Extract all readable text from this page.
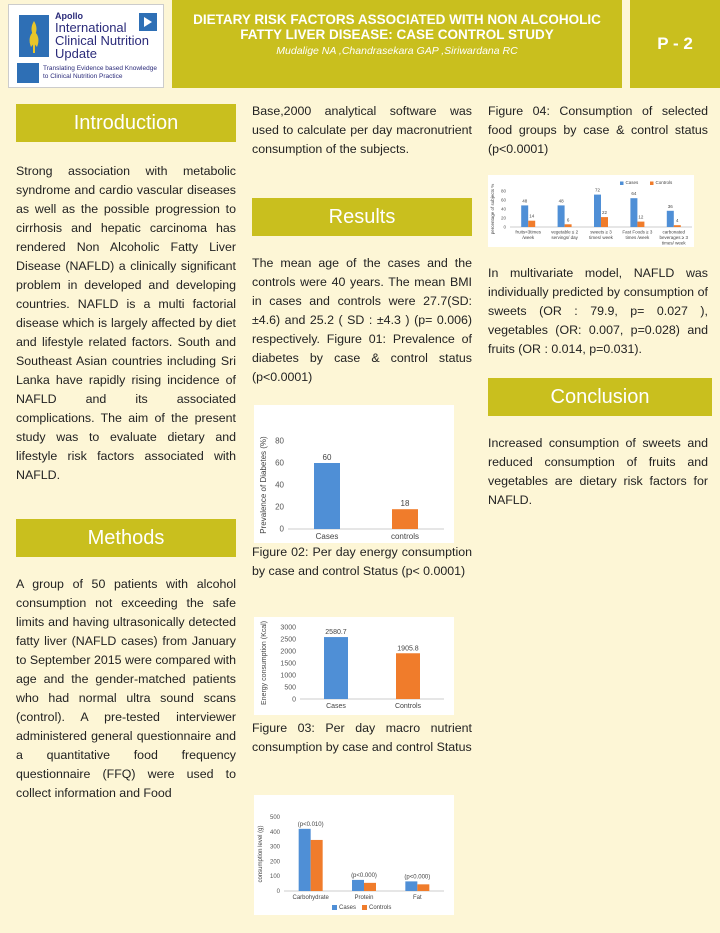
Apollo
International Clinical Nutrition Update
Translating Evidence based Knowledge to Clinical Nutrition Practice
DIETARY RISK FACTORS ASSOCIATED WITH NON ALCOHOLIC FATTY LIVER DISEASE: CASE CONTROL STUDY
Mudalige NA ,Chandrasekara GAP ,Siriwardana RC	P - 2
Introduction
Strong association with metabolic syndrome and cardio vascular diseases as well as the possible progression to cirrhosis and hepatic carcinoma has rendered Non Alcoholic Fatty Liver Disease (NAFLD) a clinically significant problem in developed and developing countries. NAFLD is a multi factorial disease which is largely affected by diet and lifestyle related factors. South and Southeast Asian countries including Sri Lanka have rapidly rising incidence of NAFLD and its associated complications. The aim of the present study was to evaluate dietary and lifestyle risk factors associated with NAFLD.
Methods
A group of 50 patients with alcohol consumption not exceeding the safe limits and having ultrasonically detected fatty liver (NAFLD cases) from January to September 2015 were compared with age and the gender-matched patients who had normal ultra sound scans (control). A pre-tested interviewer administered general questionnaire and a quantitative food frequency questionnaire (FFQ) were used to collect information and Food
Base,2000 analytical software was used to calculate per day macronutrient consumption of the subjects.
Results
The mean age of the cases and the controls were 40 years. The mean BMI in cases and controls were 27.7(SD: ±4.6) and 25.2 ( SD : ±4.3 ) (p= 0.006) respectively. Figure 01: Prevalence of diabetes by case & control status (p<0.0001)
0
20
40
60
80
Prevalence of Diabetes (%)
Cases	controls
60
18
Figure 02: Per day energy consumption by case and control Status (p< 0.0001)
0
500
1000
1500
2000
2500
3000
Energy consumption (Kcal)
Cases	Controls
2580.7
1905.8
Figure 03: Per day macro nutrient consumption by case and control Status
0
100
200
300
400
500
consumption level (g)
Carbohydrate	Protein	Fat
(p<0.010)
(p<0.000)	(p<0.000)
Cases Controls
Figure 04: Consumption of selected food groups by case & control status (p<0.0001)
0
20
40
60
80
percentage of subjects %	fruits<3times
/week
vegetable ≤ 2
servings/ day
sweets ≥ 3
times/ week
Fast Foods ≥ 3
times /week
carbonated
beverages ≥ 3
times/ week
48	48
72
64
36
14
6
22
12
4
Cases	Controls
In multivariate model, NAFLD was individually predicted by consumption of sweets (OR : 79.9, p= 0.027 ), vegetables (OR: 0.007, p=0.028) and fruits (OR : 0.014, p=0.031).
Conclusion
Increased consumption of sweets and reduced consumption of fruits and vegetables are dietary risk factors for NAFLD.
